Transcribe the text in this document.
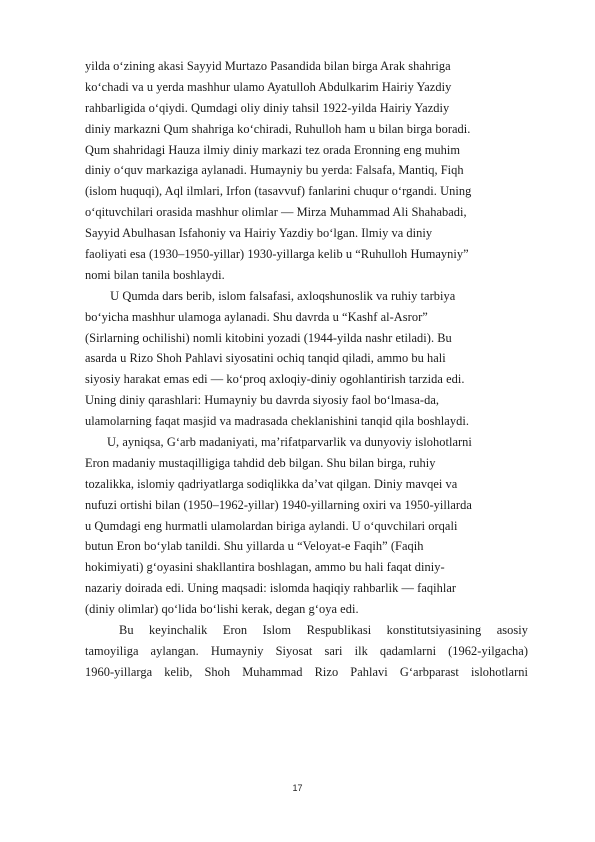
yilda o‘zining akasi Sayyid Murtazo Pasandida bilan birga Arak shahriga
ko‘chadi va u yerda mashhur ulamo Ayatulloh Abdulkarim Hairiy Yazdiy
rahbarligida o‘qiydi. Qumdagi oliy diniy tahsil 1922-yilda Hairiy Yazdiy
diniy markazni Qum shahriga ko‘chiradi, Ruhulloh ham u bilan birga boradi.
Qum shahridagi Hauza ilmiy diniy markazi tez orada Eronning eng muhim
diniy o‘quv markaziga aylanadi. Humayniy bu yerda: Falsafa, Mantiq, Fiqh
(islom huquqi), Aql ilmlari, Irfon (tasavvuf) fanlarini chuqur o‘rgandi. Uning
o‘qituvchilari orasida mashhur olimlar — Mirza Muhammad Ali Shahabadi,
Sayyid Abulhasan Isfahoniy va Hairiy Yazdiy bo‘lgan. Ilmiy va diniy
faoliyati esa (1930–1950-yillar) 1930-yillarga kelib u “Ruhulloh Humayniy”
nomi bilan tanila boshlaydi.
U Qumda dars berib, islom falsafasi, axloqshunoslik va ruhiy tarbiya
bo‘yicha mashhur ulamoga aylanadi. Shu davrda u “Kashf al-Asror”
(Sirlarning ochilishi) nomli kitobini yozadi (1944-yilda nashr etiladi). Bu
asarda u Rizo Shoh Pahlavi siyosatini ochiq tanqid qiladi, ammo bu hali
siyosiy harakat emas edi — ko‘proq axloqiy-diniy ogohlantirish tarzida edi.
Uning diniy qarashlari: Humayniy bu davrda siyosiy faol bo‘lmasa-da,
ulamolarning faqat masjid va madrasada cheklanishini tanqid qila boshlaydi.
U, ayniqsa, G‘arb madaniyati, ma’rifatparvarlik va dunyoviy islohotlarni
Eron madaniy mustaqilligiga tahdid deb bilgan. Shu bilan birga, ruhiy
tozalikka, islomiy qadriyatlarga sodiqlikka da’vat qilgan. Diniy mavqei va
nufuzi ortishi bilan (1950–1962-yillar) 1940-yillarning oxiri va 1950-yillarda
u Qumdagi eng hurmatli ulamolardan biriga aylandi. U o‘quvchilari orqali
butun Eron bo‘ylab tanildi. Shu yillarda u “Veloyat-e Faqih” (Faqih
hokimiyati) g‘oyasini shakllantira boshlagan, ammo bu hali faqat diniy-
nazariy doirada edi. Uning maqsadi: islomda haqiqiy rahbarlik — faqihlar
(diniy olimlar) qo‘lida bo‘lishi kerak, degan g‘oya edi.
Bu keyinchalik Eron Islom Respublikasi konstitutsiyasining asosiy
tamoyiliga aylangan. Humayniy Siyosat sari ilk qadamlarni (1962-yilgacha)
1960-yillarga kelib, Shoh Muhammad Rizo Pahlavi G‘arbparast islohotlarni
17
